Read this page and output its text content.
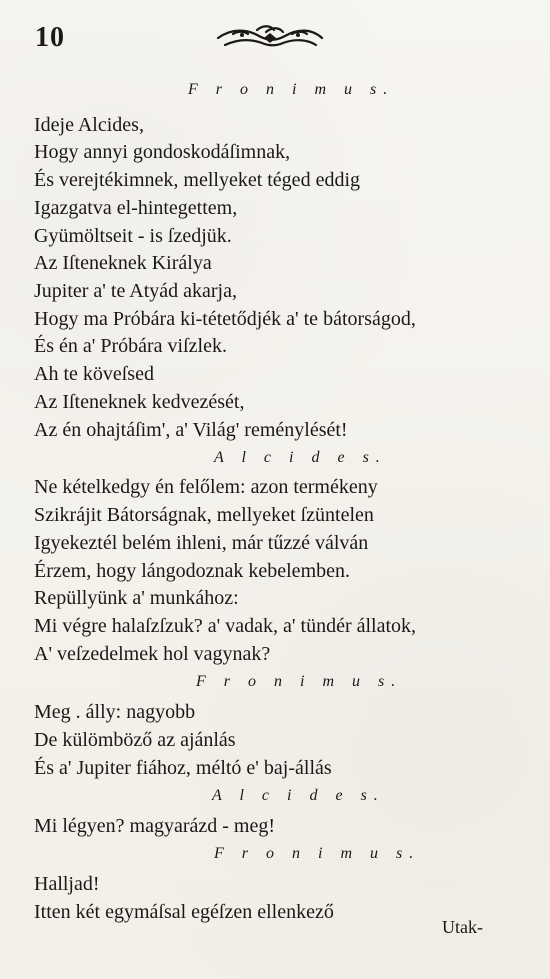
10
F r o n i m u s.
Ideje Alcides,
Hogy annyi gondoskodáſimnak,
És verejtékimnek, mellyeket téged eddig
Igazgatva el-hintegettem,
Gyümöltseit - is ſzedjük.
Az Iſteneknek Királya
Jupiter a' te Atyád akarja,
Hogy ma Próbára ki-tétetődjék a' te bátorságod,
És én a' Próbára viſzlek.
Ah te köveſsed
Az Iſteneknek kedvezését,
Az én ohajtáſim', a' Világ' reménylését!
A l c i d e s.
Ne kételkedgy én felőlem: azon termékeny
Szikrájit Bátorságnak, mellyeket ſzüntelen
Igyekeztél belém ihleni, már tűzzé válván
Érzem, hogy lángodoznak kebelemben.
Repüllyünk a' munkához:
Mi végre halaſzſzuk? a' vadak, a' tündér állatok,
A' veſzedelmek hol vagynak?
F r o n i m u s.
Meg . álly: nagyobb
De külömböző az ajánlás
És a' Jupiter fiához, méltó e' baj-állás
A l c i d e s.
Mi légyen? magyarázd - meg!
F r o n i m u s.
Halljad!
Itten két egymáſsal egéſzen ellenkező
Utak-
